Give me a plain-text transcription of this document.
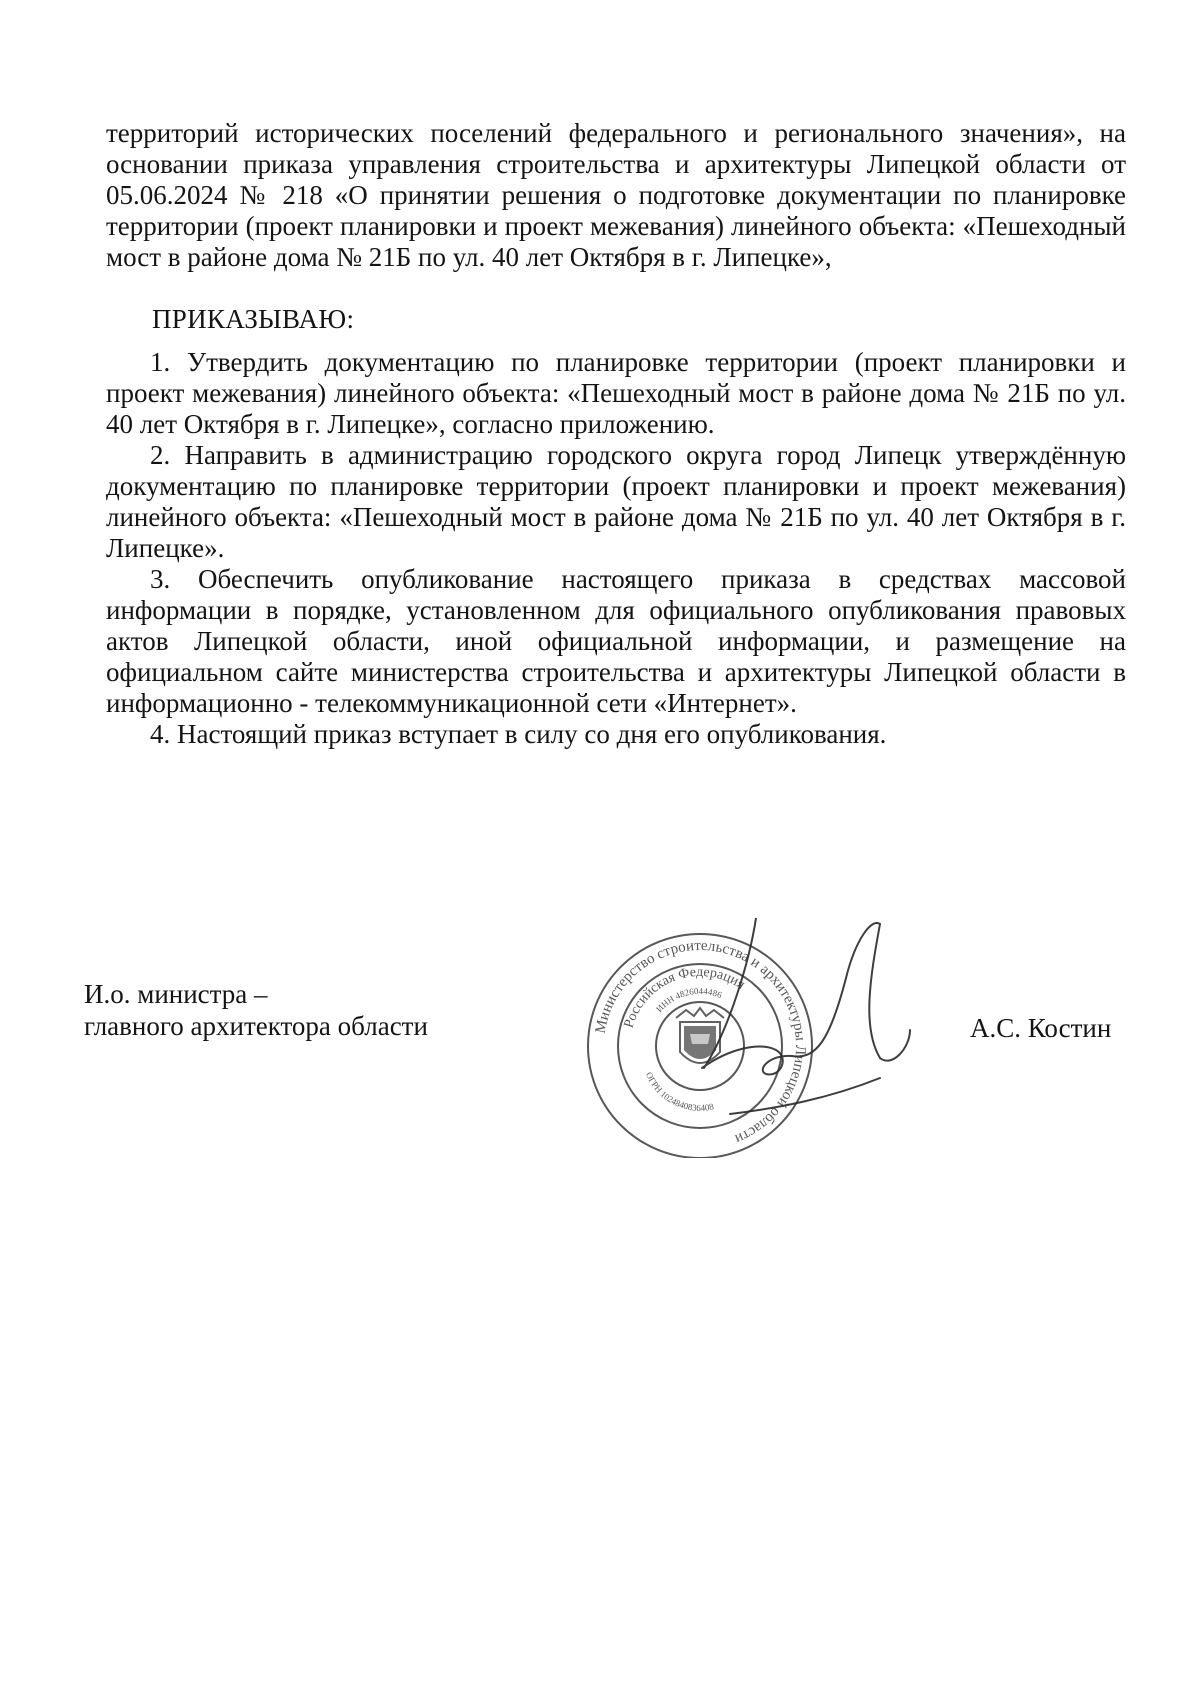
территорий исторических поселений федерального и регионального значения», на основании приказа управления строительства и архитектуры Липецкой области от 05.06.2024 № 218 «О принятии решения о подготовке документации по планировке территории (проект планировки и проект межевания) линейного объекта: «Пешеходный мост в районе дома № 21Б по ул. 40 лет Октября в г. Липецке»,

ПРИКАЗЫВАЮ:

1. Утвердить документацию по планировке территории (проект планировки и проект межевания) линейного объекта: «Пешеходный мост в районе дома № 21Б по ул. 40 лет Октября в г. Липецке», согласно приложению.

2. Направить в администрацию городского округа город Липецк утверждённую документацию по планировке территории (проект планировки и проект межевания) линейного объекта: «Пешеходный мост в районе дома № 21Б по ул. 40 лет Октября в г. Липецке».

3. Обеспечить опубликование настоящего приказа в средствах массовой информации в порядке, установленном для официального опубликования правовых актов Липецкой области, иной официальной информации, и размещение на официальном сайте министерства строительства и архитектуры Липецкой области в информационно - телекоммуникационной сети «Интернет».

4. Настоящий приказ вступает в силу со дня его опубликования.

И.о. министра –
главного архитектора области	Министерство строительства и архитектуры Липецкой области
Российская Федерация
ИНН 4826044486
ОГРН 1024840836408
А.С. Костин
